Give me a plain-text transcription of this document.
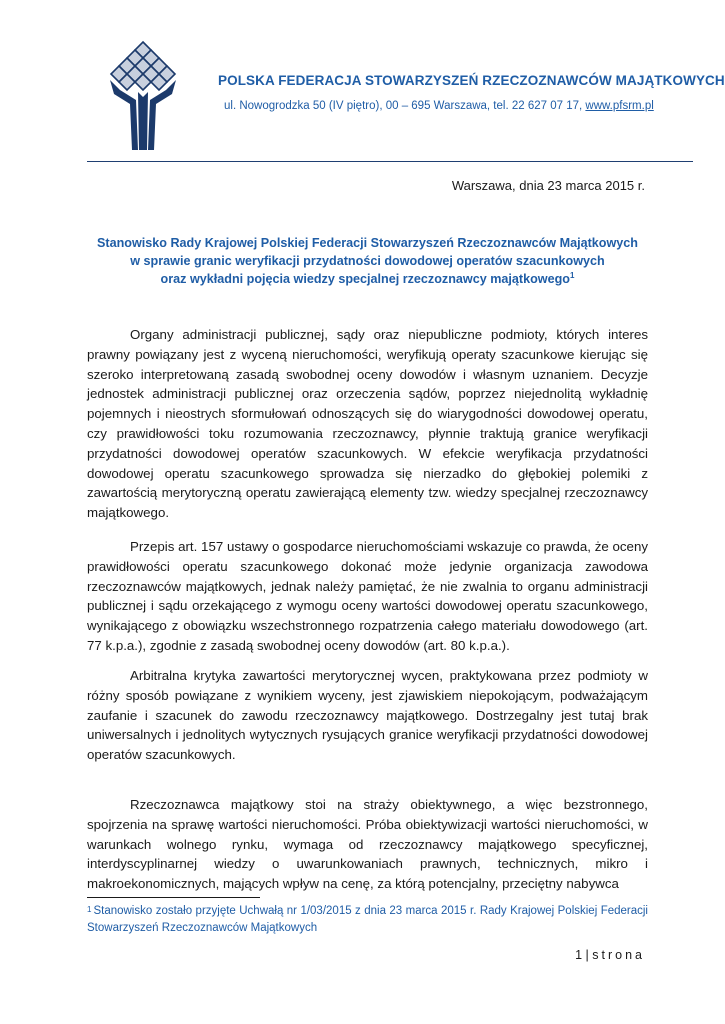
POLSKA FEDERACJA STOWARZYSZEŃ RZECZOZNAWCÓW MAJĄTKOWYCH
ul. Nowogrodzka 50 (IV piętro), 00 – 695 Warszawa, tel. 22 627 07 17, www.pfsrm.pl
Warszawa, dnia 23 marca 2015 r.
Stanowisko Rady Krajowej Polskiej Federacji Stowarzyszeń Rzeczoznawców Majątkowych
w sprawie granic weryfikacji przydatności dowodowej operatów szacunkowych
oraz wykładni pojęcia wiedzy specjalnej rzeczoznawcy majątkowego$^1$
Organy administracji publicznej, sądy oraz niepubliczne podmioty, których interes prawny powiązany jest z wyceną nieruchomości, weryfikują operaty szacunkowe kierując się szeroko interpretowaną zasadą swobodnej oceny dowodów i własnym uznaniem. Decyzje jednostek administracji publicznej oraz orzeczenia sądów, poprzez niejednolitą wykładnię pojemnych i nieostrych sformułowań odnoszących się do wiarygodności dowodowej operatu, czy prawidłowości toku rozumowania rzeczoznawcy, płynnie traktują granice weryfikacji przydatności dowodowej operatów szacunkowych. W efekcie weryfikacja przydatności dowodowej operatu szacunkowego sprowadza się nierzadko do głębokiej polemiki z zawartością merytoryczną operatu zawierającą elementy tzw. wiedzy specjalnej rzeczoznawcy majątkowego.
Przepis art. 157 ustawy o gospodarce nieruchomościami wskazuje co prawda, że oceny prawidłowości operatu szacunkowego dokonać może jedynie organizacja zawodowa rzeczoznawców majątkowych, jednak należy pamiętać, że nie zwalnia to organu administracji publicznej i sądu orzekającego z wymogu oceny wartości dowodowej operatu szacunkowego, wynikającego z obowiązku wszechstronnego rozpatrzenia całego materiału dowodowego (art. 77 k.p.a.), zgodnie z zasadą swobodnej oceny dowodów (art. 80 k.p.a.).
Arbitralna krytyka zawartości merytorycznej wycen, praktykowana przez podmioty w różny sposób powiązane z wynikiem wyceny, jest zjawiskiem niepokojącym, podważającym zaufanie i szacunek do zawodu rzeczoznawcy majątkowego. Dostrzegalny jest tutaj brak uniwersalnych i jednolitych wytycznych rysujących granice weryfikacji przydatności dowodowej operatów szacunkowych.
Rzeczoznawca majątkowy stoi na straży obiektywnego, a więc bezstronnego, spojrzenia na sprawę wartości nieruchomości. Próba obiektywizacji wartości nieruchomości, w warunkach wolnego rynku, wymaga od rzeczoznawcy majątkowego specyficznej, interdyscyplinarnej wiedzy o uwarunkowaniach prawnych, technicznych, mikro i makroekonomicznych, mających wpływ na cenę, za którą potencjalny, przeciętny nabywca
$^1$ Stanowisko zostało przyjęte Uchwałą nr 1/03/2015 z dnia 23 marca 2015 r. Rady Krajowej Polskiej Federacji Stowarzyszeń Rzeczoznawców Majątkowych
1 | strona
